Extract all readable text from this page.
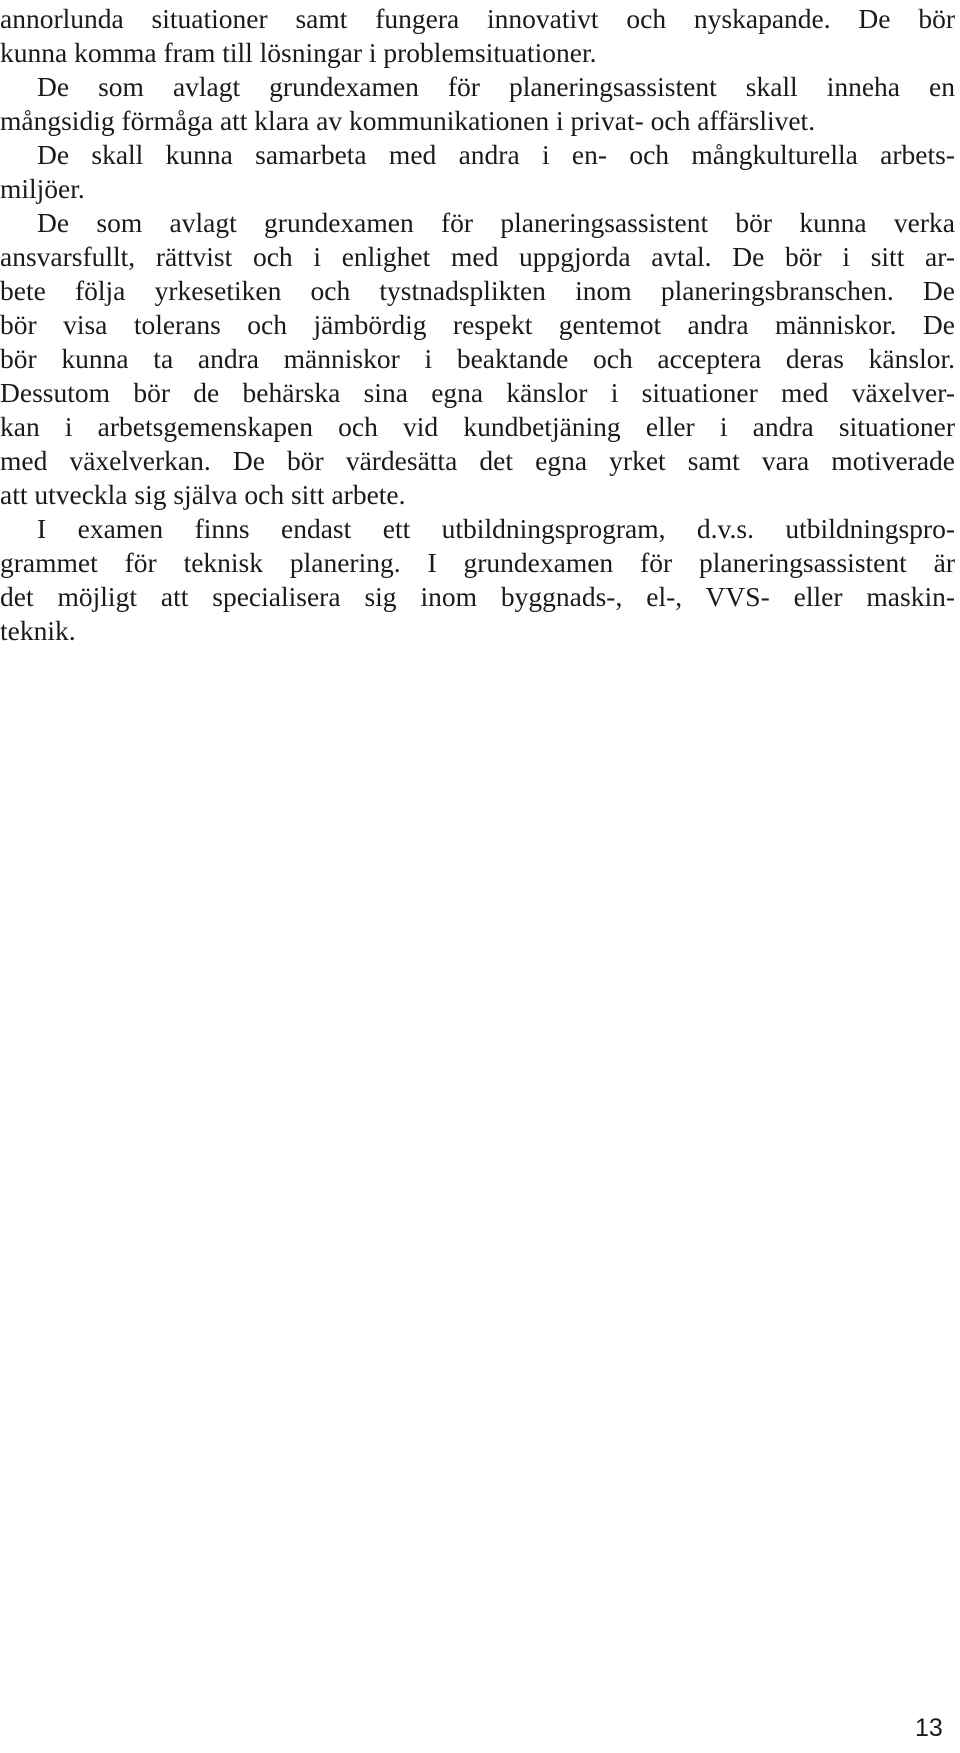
annorlunda situationer samt fungera innovativt och nyskapande. De bör
kunna komma fram till lösningar i problemsituationer.
De som avlagt grundexamen för planeringsassistent skall inneha en
mångsidig förmåga att klara av kommunikationen i privat- och affärslivet.
De skall kunna samarbeta med andra i en- och mångkulturella arbets-
miljöer.
De som avlagt grundexamen för planeringsassistent bör kunna verka
ansvarsfullt, rättvist och i enlighet med uppgjorda avtal. De bör i sitt ar-
bete följa yrkesetiken och tystnadsplikten inom planeringsbranschen. De
bör visa tolerans och jämbördig respekt gentemot andra människor. De
bör kunna ta andra människor i beaktande och acceptera deras känslor.
Dessutom bör de behärska sina egna känslor i situationer med växelver-
kan i arbetsgemenskapen och vid kundbetjäning eller i andra situationer
med växelverkan. De bör värdesätta det egna yrket samt vara motiverade
att utveckla sig själva och sitt arbete.
I examen finns endast ett utbildningsprogram, d.v.s. utbildningspro-
grammet för teknisk planering. I grundexamen för planeringsassistent är
det möjligt att specialisera sig inom byggnads-, el-, VVS- eller maskin-
teknik.
13
